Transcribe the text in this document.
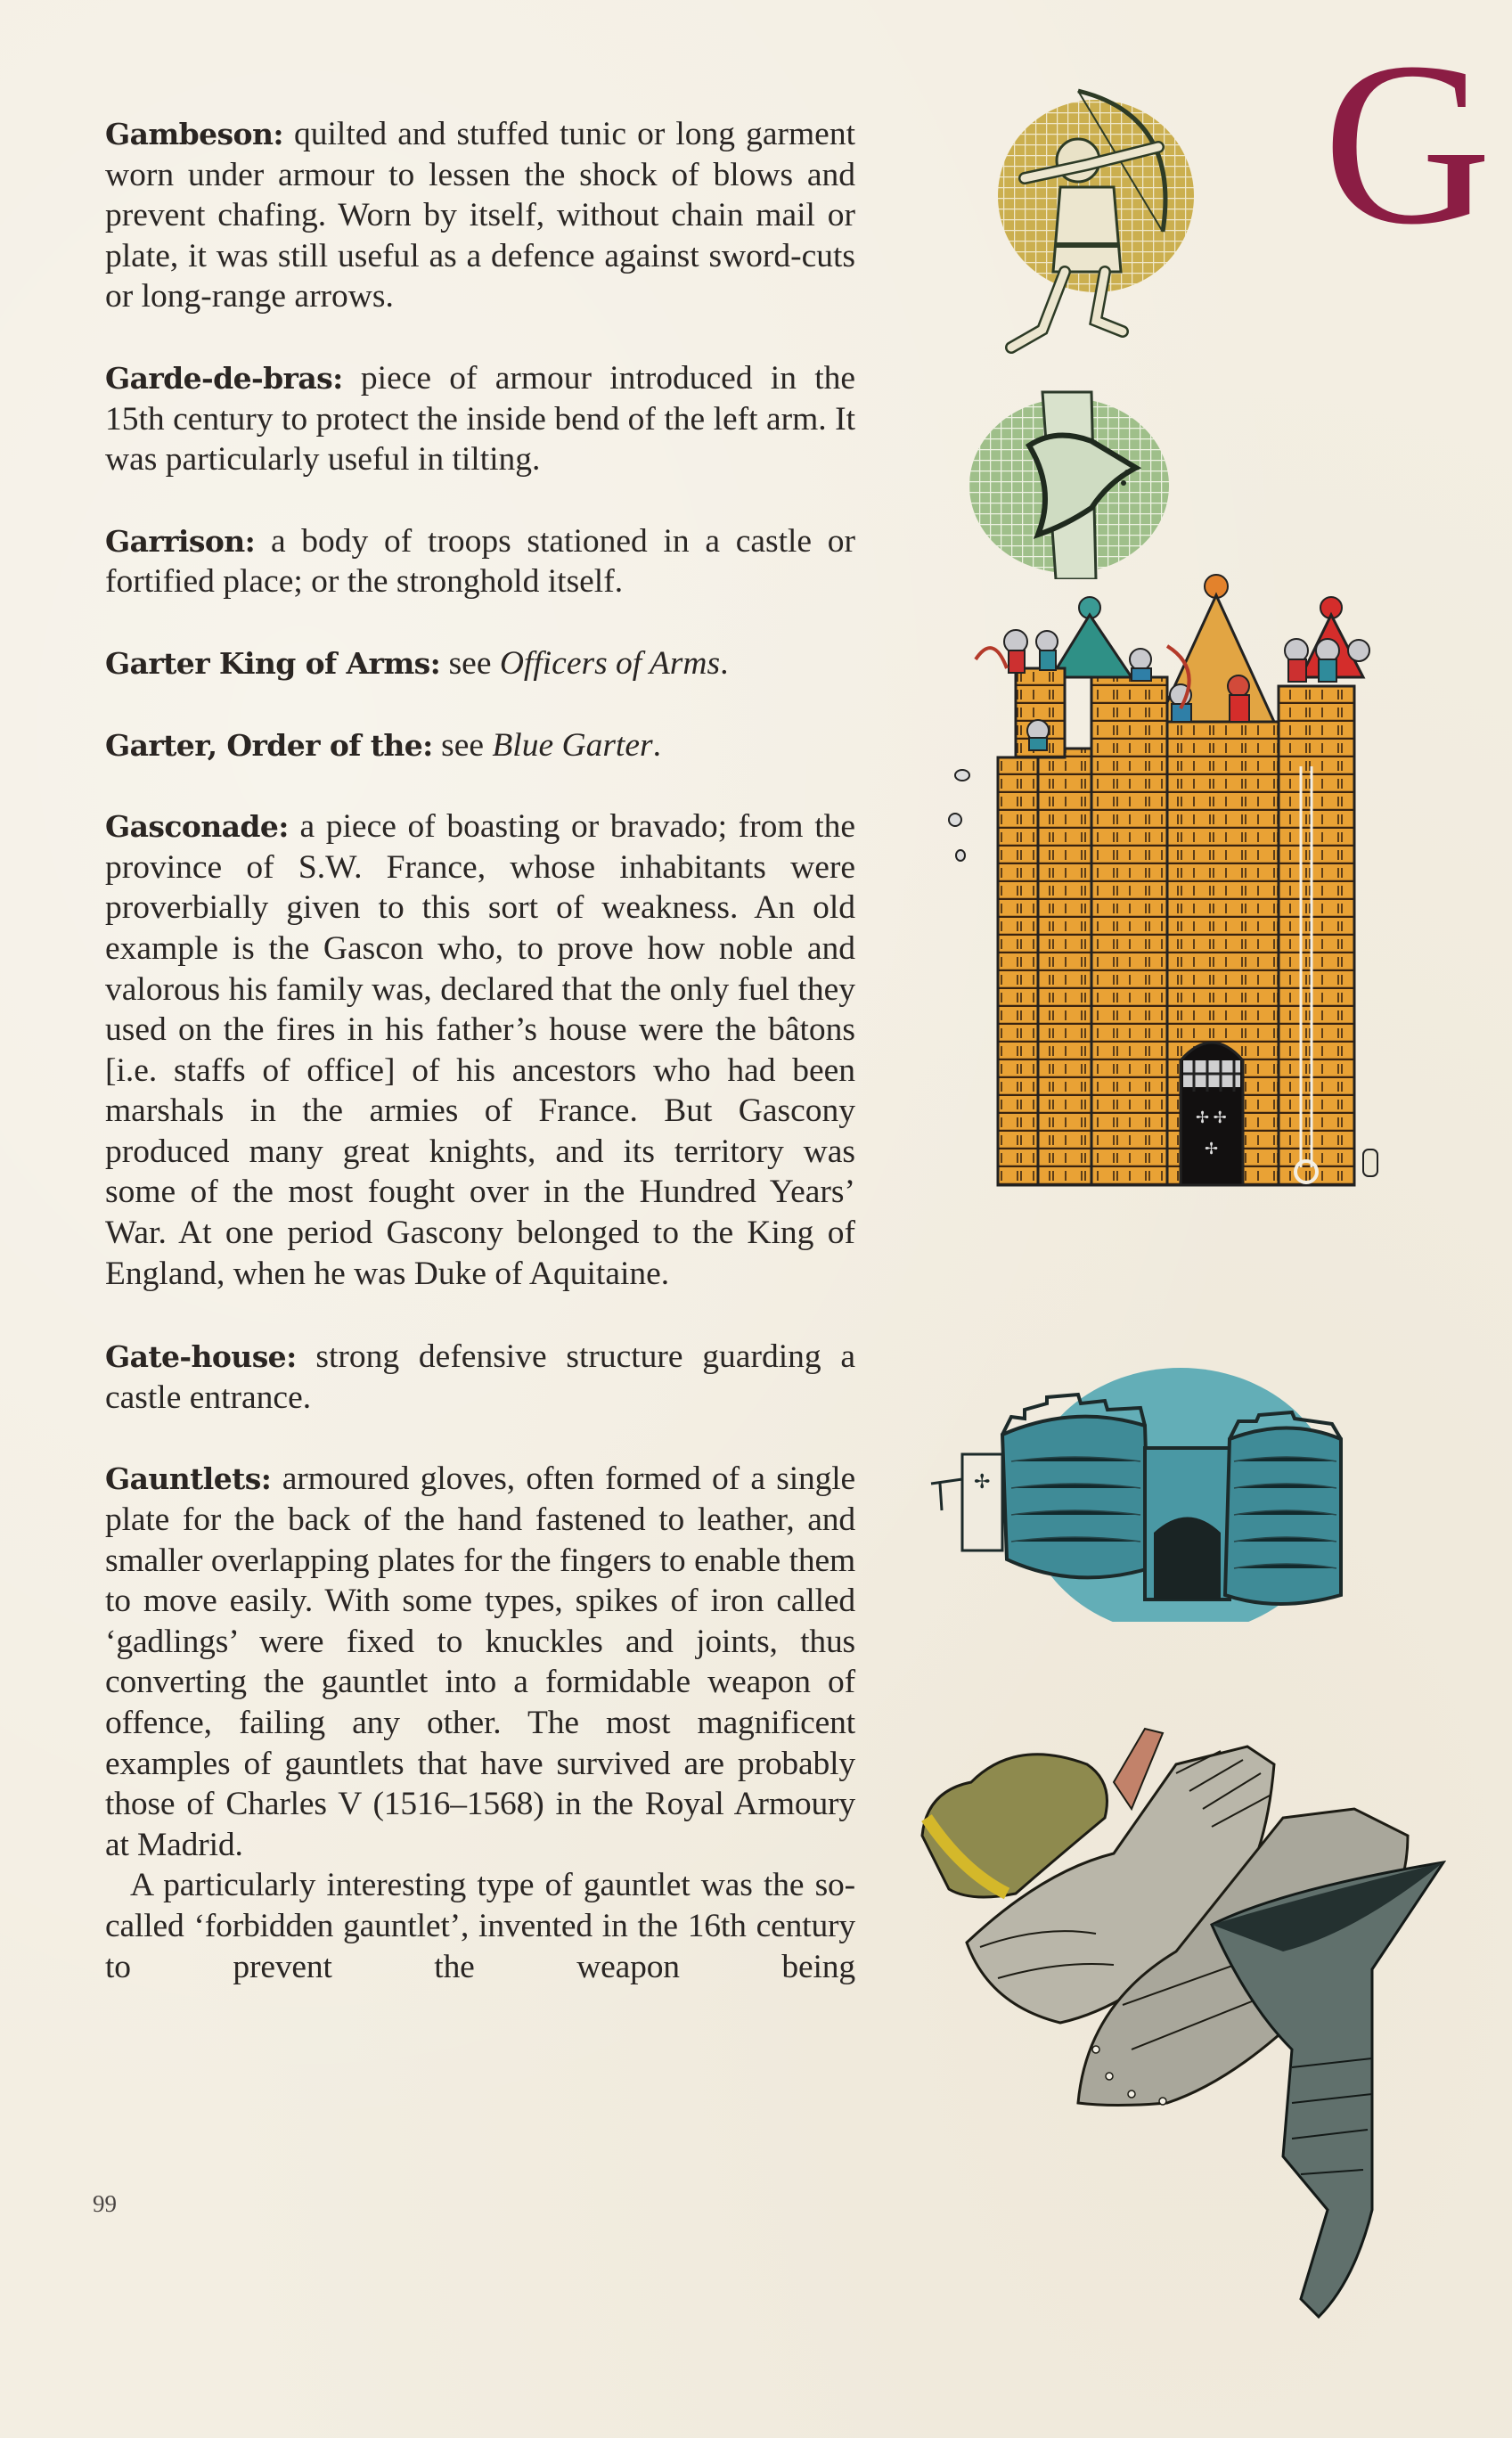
G

Gambeson: quilted and stuffed tunic or long garment worn under armour to lessen the shock of blows and prevent chafing. Worn by itself, without chain mail or plate, it was still useful as a defence against sword-cuts or long-range arrows.

Garde-de-bras: piece of armour introduced in the 15th century to protect the inside bend of the left arm. It was particularly useful in tilting.

Garrison: a body of troops stationed in a castle or fortified place; or the stronghold itself.

Garter King of Arms: see Officers of Arms.

Garter, Order of the: see Blue Garter.

Gasconade: a piece of boasting or bravado; from the province of S.W. France, whose inhabitants were proverbially given to this sort of weakness. An old example is the Gascon who, to prove how noble and valorous his family was, declared that the only fuel they used on the fires in his father’s house were the bâtons [i.e. staffs of office] of his ancestors who had been marshals in the armies of France. But Gascony produced many great knights, and its territory was some of the most fought over in the Hundred Years’ War. At one period Gascony belonged to the King of England, when he was Duke of Aquitaine.

Gate-house: strong defensive structure guarding a castle entrance.

Gauntlets: armoured gloves, often formed of a single plate for the back of the hand fastened to leather, and smaller overlapping plates for the fingers to enable them to move easily. With some types, spikes of iron called ‘gadlings’ were fixed to knuckles and joints, thus converting the gauntlet into a formidable weapon of offence, failing any other. The most magnificent examples of gauntlets that have survived are probably those of Charles V (1516–1568) in the Royal Armoury at Madrid.

A particularly interesting type of gauntlet was the so-called ‘forbidden gauntlet’, invented in the 16th century to prevent the weapon being

99
✢ ✢
✢
✢
